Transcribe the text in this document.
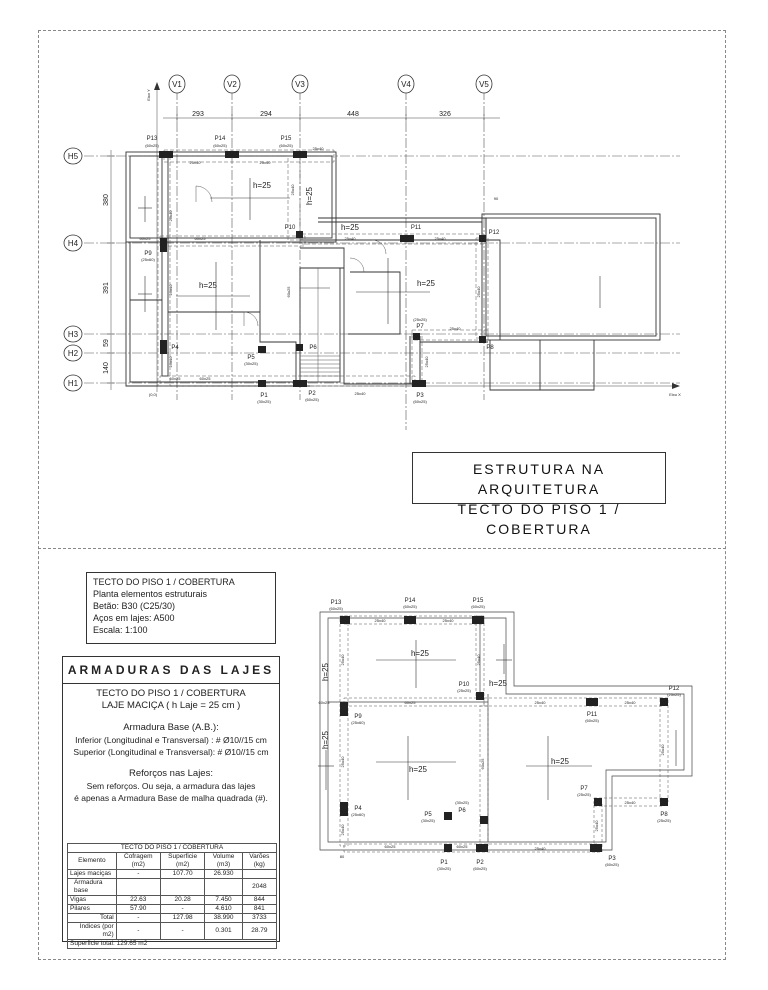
V1	V2	V3	V4	V5
H5
H4
H3
H2
H1
293	294	448	326
380
391
59
140
Eixo Y
Eixo X
(0,0)
90
P13
(60x25)
P14
(60x25)
P15
(60x25)
P10	P11
P12
P9
(25x60)
P7
(25x25)
P4	P6	P8
P5
(30x25)
P1
(30x25)
P2
(60x25)
P3
(60x25)
h=25
h=25
h=25
h=25	h=25
25x40	25x40
25x40
60x25	60x25	25x40	25x40
60x25
25x40
60x25
25x40
60x25
25x40
25x40
25x40
25x40
25x40
25x40
ESTRUTURA NA ARQUITETURA
TECTO DO PISO 1 / COBERTURA
TECTO DO PISO 1 / COBERTURA
Planta elementos estruturais
Betão: B30 (C25/30)
Aços em lajes: A500
Escala: 1:100
ARMADURAS DAS LAJES
TECTO DO PISO 1 / COBERTURA
LAJE MACIÇA ( h Laje = 25 cm )
Armadura Base (A.B.):
Inferior (Longitudinal e Transversal) : # Ø10//15 cm
Superior (Longitudinal e Transversal): # Ø10//15 cm
Reforços nas Lajes:
Sem reforços. Ou seja, a armadura das lajes
é apenas a Armadura Base de malha quadrada (#).
TECTO DO PISO 1 / COBERTURA				
Elemento	Cofragem (m2)	Superficie (m2)	Volume (m3)	Varões (kg)
Lajes maciças	-	107.70	26.930	
Armadura base				2048
Vigas	22.63	20.28	7.450	844
Pilares	57.90	-	4.610	841
Total	-	127.98	38.990	3733
Indices (por m2)	-	-	0.301	28.79
Superficie total: 129.65 m2				
P13
(60x25)
P14
(60x25)
P15
(60x25)
P10
(25x25)	P12
(25x25)
P11
(60x25)
P9
(25x60)
P7
(25x25)
P4
(25x60)	P5
(30x25)
P6
(30x25)
P8
(25x25)
P1
(30x25)
P2
(60x25)
P3
(60x25)
h=25
h=25
h=25
h=25
h=25
h=25
25x40	25x40
25x40	25x40
60x25	60x25
60x25	25x40
25x40
25x40	25x40
60x25
60x25
25x40
25x40
25x40
25x40
80
